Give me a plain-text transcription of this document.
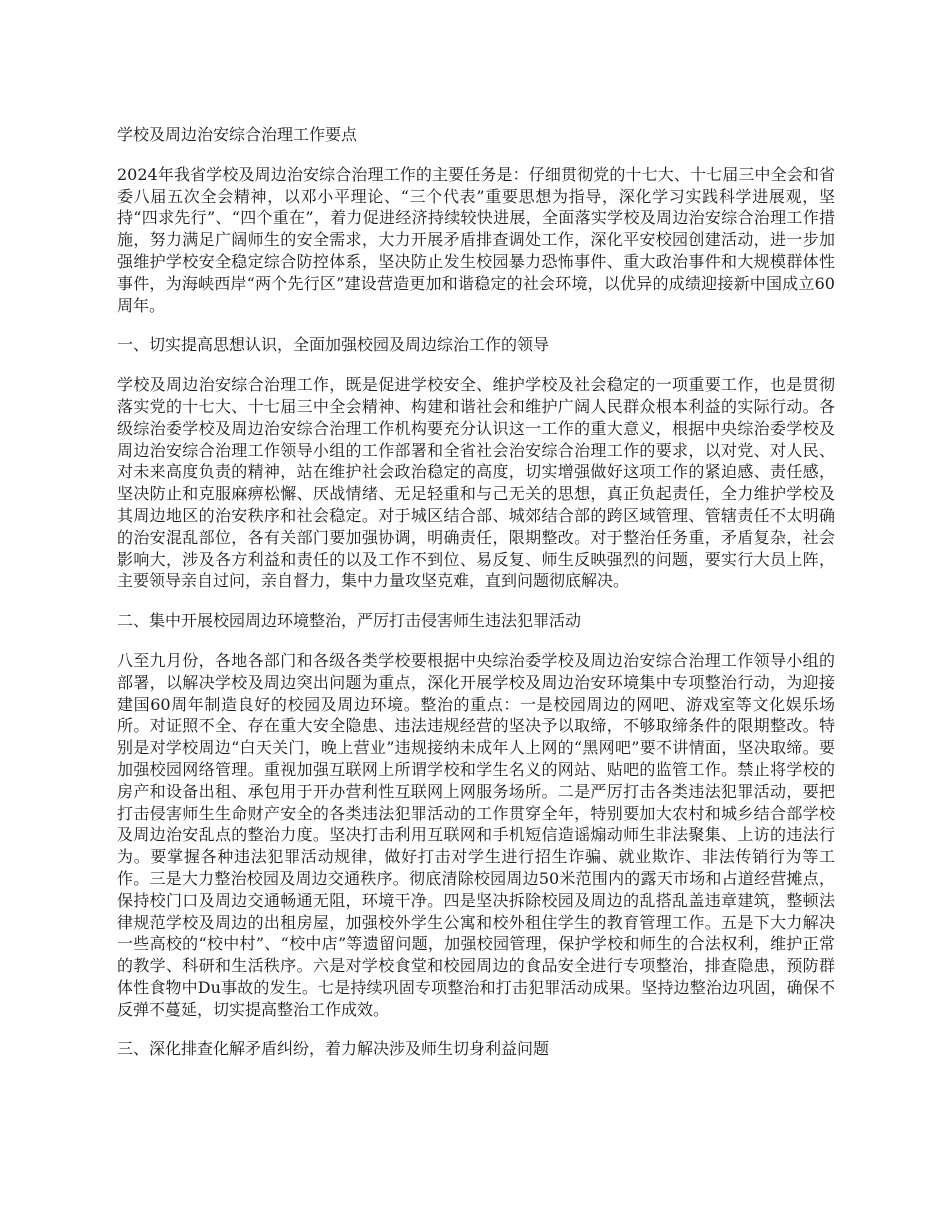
学校及周边治安综合治理工作要点

2024年我省学校及周边治安综合治理工作的主要任务是：仔细贯彻党的十七大、十七届三中全会和省委八届五次全会精神，以邓小平理论、“三个代表”重要思想为指导，深化学习实践科学进展观，坚持“四求先行”、“四个重在”，着力促进经济持续较快进展，全面落实学校及周边治安综合治理工作措施，努力满足广阔师生的安全需求，大力开展矛盾排查调处工作，深化平安校园创建活动，进一步加强维护学校安全稳定综合防控体系，坚决防止发生校园暴力恐怖事件、重大政治事件和大规模群体性事件，为海峡西岸“两个先行区”建设营造更加和谐稳定的社会环境，以优异的成绩迎接新中国成立60周年。

一、切实提高思想认识，全面加强校园及周边综治工作的领导

学校及周边治安综合治理工作，既是促进学校安全、维护学校及社会稳定的一项重要工作，也是贯彻落实党的十七大、十七届三中全会精神、构建和谐社会和维护广阔人民群众根本利益的实际行动。各级综治委学校及周边治安综合治理工作机构要充分认识这一工作的重大意义，根据中央综治委学校及周边治安综合治理工作领导小组的工作部署和全省社会治安综合治理工作的要求，以对党、对人民、对未来高度负责的精神，站在维护社会政治稳定的高度，切实增强做好这项工作的紧迫感、责任感，坚决防止和克服麻痹松懈、厌战情绪、无足轻重和与己无关的思想，真正负起责任，全力维护学校及其周边地区的治安秩序和社会稳定。对于城区结合部、城郊结合部的跨区域管理、管辖责任不太明确的治安混乱部位，各有关部门要加强协调，明确责任，限期整改。对于整治任务重，矛盾复杂，社会影响大，涉及各方利益和责任的以及工作不到位、易反复、师生反映强烈的问题，要实行大员上阵，主要领导亲自过问，亲自督力，集中力量攻坚克难，直到问题彻底解决。

二、集中开展校园周边环境整治，严厉打击侵害师生违法犯罪活动

八至九月份，各地各部门和各级各类学校要根据中央综治委学校及周边治安综合治理工作领导小组的部署，以解决学校及周边突出问题为重点，深化开展学校及周边治安环境集中专项整治行动，为迎接建国60周年制造良好的校园及周边环境。整治的重点：一是校园周边的网吧、游戏室等文化娱乐场所。对证照不全、存在重大安全隐患、违法违规经营的坚决予以取缔，不够取缔条件的限期整改。特别是对学校周边“白天关门，晚上营业”违规接纳未成年人上网的“黑网吧”要不讲情面，坚决取缔。要加强校园网络管理。重视加强互联网上所谓学校和学生名义的网站、贴吧的监管工作。禁止将学校的房产和设备出租、承包用于开办营利性互联网上网服务场所。二是严厉打击各类违法犯罪活动，要把打击侵害师生生命财产安全的各类违法犯罪活动的工作贯穿全年，特别要加大农村和城乡结合部学校及周边治安乱点的整治力度。坚决打击利用互联网和手机短信造谣煽动师生非法聚集、上访的违法行为。要掌握各种违法犯罪活动规律，做好打击对学生进行招生诈骗、就业欺诈、非法传销行为等工作。三是大力整治校园及周边交通秩序。彻底清除校园周边50米范围内的露天市场和占道经营摊点，保持校门口及周边交通畅通无阻，环境干净。四是坚决拆除校园及周边的乱搭乱盖违章建筑，整顿法律规范学校及周边的出租房屋，加强校外学生公寓和校外租住学生的教育管理工作。五是下大力解决一些高校的“校中村”、“校中店”等遗留问题，加强校园管理，保护学校和师生的合法权利，维护正常的教学、科研和生活秩序。六是对学校食堂和校园周边的食品安全进行专项整治，排查隐患，预防群体性食物中Du事故的发生。七是持续巩固专项整治和打击犯罪活动成果。坚持边整治边巩固，确保不反弹不蔓延，切实提高整治工作成效。

三、深化排查化解矛盾纠纷，着力解决涉及师生切身利益问题
